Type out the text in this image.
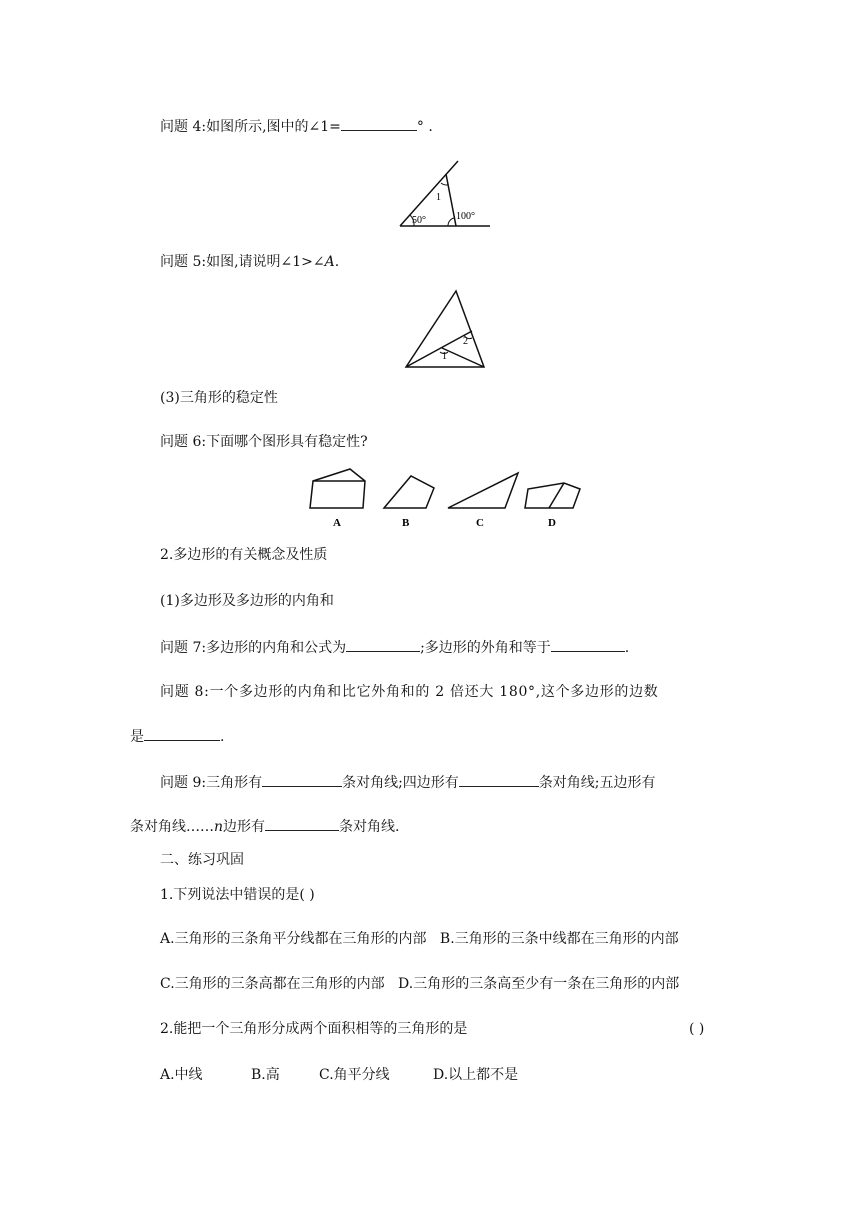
问题 4:如图所示,图中的∠1=	° .
1
50°	100°
问题 5:如图,请说明∠1>∠A.
1
2
(3)三角形的稳定性
问题 6:下面哪个图形具有稳定性?
A	B	C	D
2.多边形的有关概念及性质
(1)多边形及多边形的内角和
问题 7:多边形的内角和公式为	;多边形的外角和等于	.
问题 8:一个多边形的内角和比它外角和的 2 倍还大 180°,这个多边形的边数
是	.
问题 9:三角形有	条对角线;四边形有	条对角线;五边形有
条对角线……n边形有	条对角线.
二、练习巩固
1.下列说法中错误的是( )
A.三角形的三条角平分线都在三角形的内部 B.三角形的三条中线都在三角形的内部
C.三角形的三条高都在三角形的内部 D.三角形的三条高至少有一条在三角形的内部
2.能把一个三角形分成两个面积相等的三角形的是	( )
A.中线	B.高	C.角平分线	D.以上都不是
